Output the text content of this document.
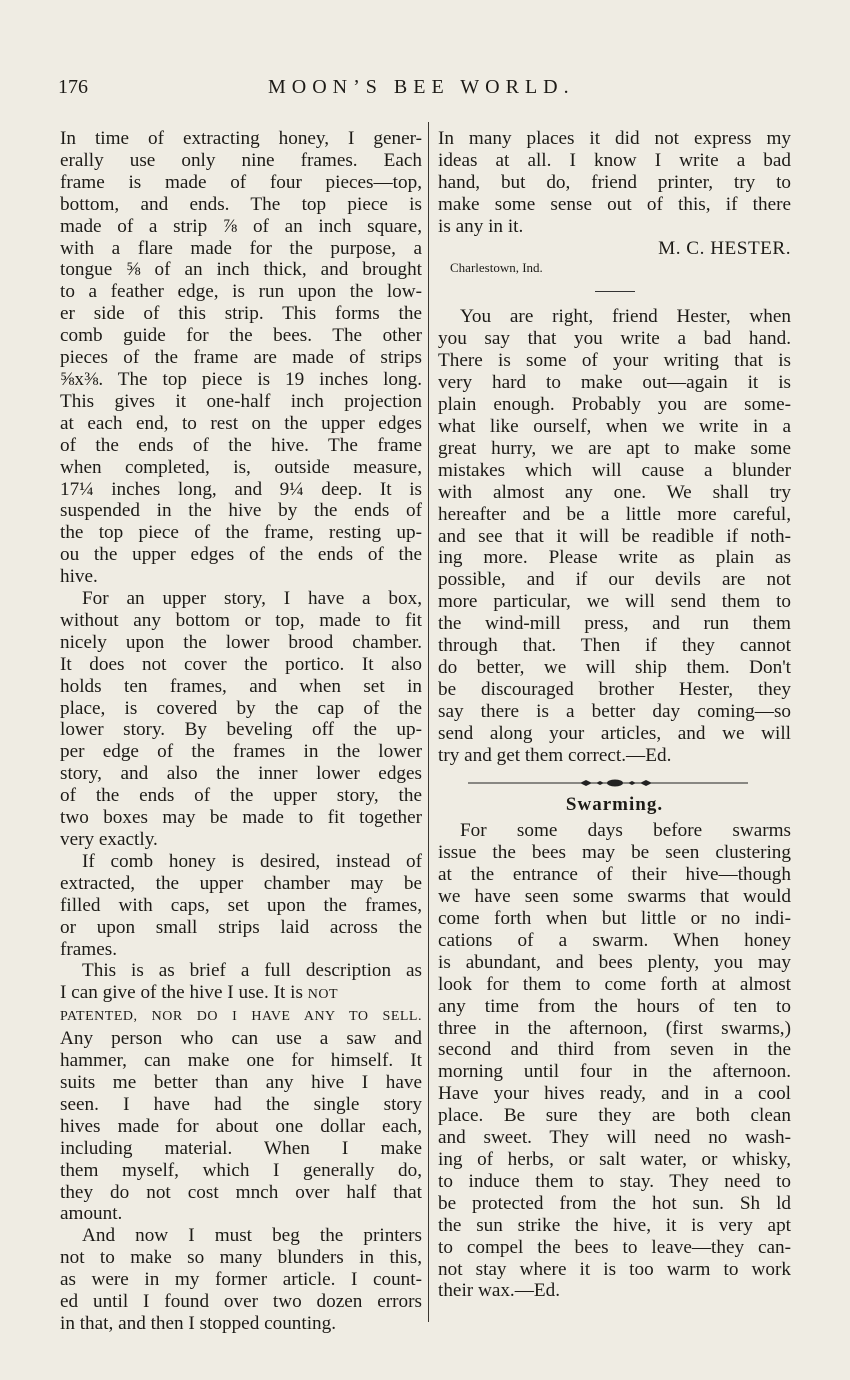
176	MOON’S BEE WORLD.
In time of extracting honey, I gener-
erally use only nine frames. Each
frame is made of four pieces—top,
bottom, and ends. The top piece is
made of a strip ⅞ of an inch square,
with a flare made for the purpose, a
tongue ⅝ of an inch thick, and brought
to a feather edge, is run upon the low-
er side of this strip. This forms the
comb guide for the bees. The other
pieces of the frame are made of strips
⅝x⅜. The top piece is 19 inches long.
This gives it one-half inch projection
at each end, to rest on the upper edges
of the ends of the hive. The frame
when completed, is, outside measure,
17¼ inches long, and 9¼ deep. It is
suspended in the hive by the ends of
the top piece of the frame, resting up-
ou the upper edges of the ends of the
hive.
For an upper story, I have a box,
without any bottom or top, made to fit
nicely upon the lower brood chamber.
It does not cover the portico. It also
holds ten frames, and when set in
place, is covered by the cap of the
lower story. By beveling off the up-
per edge of the frames in the lower
story, and also the inner lower edges
of the ends of the upper story, the
two boxes may be made to fit together
very exactly.
If comb honey is desired, instead of
extracted, the upper chamber may be
filled with caps, set upon the frames,
or upon small strips laid across the
frames.
This is as brief a full description as
I can give of the hive I use. It is NOT
PATENTED, NOR DO I HAVE ANY TO SELL.
Any person who can use a saw and
hammer, can make one for himself. It
suits me better than any hive I have
seen. I have had the single story
hives made for about one dollar each,
including material. When I make
them myself, which I generally do,
they do not cost mnch over half that
amount.
And now I must beg the printers
not to make so many blunders in this,
as were in my former article. I count-
ed until I found over two dozen errors
in that, and then I stopped counting.
In many places it did not express my
ideas at all. I know I write a bad
hand, but do, friend printer, try to
make some sense out of this, if there
is any in it.
M. C. HESTER.
Charlestown, Ind.
You are right, friend Hester, when
you say that you write a bad hand.
There is some of your writing that is
very hard to make out—again it is
plain enough. Probably you are some-
what like ourself, when we write in a
great hurry, we are apt to make some
mistakes which will cause a blunder
with almost any one. We shall try
hereafter and be a little more careful,
and see that it will be readible if noth-
ing more. Please write as plain as
possible, and if our devils are not
more particular, we will send them to
the wind-mill press, and run them
through that. Then if they cannot
do better, we will ship them. Don't
be discouraged brother Hester, they
say there is a better day coming—so
send along your articles, and we will
try and get them correct.—Ed.
Swarming.
For some days before swarms
issue the bees may be seen clustering
at the entrance of their hive—though
we have seen some swarms that would
come forth when but little or no indi-
cations of a swarm. When honey
is abundant, and bees plenty, you may
look for them to come forth at almost
any time from the hours of ten to
three in the afternoon, (first swarms,)
second and third from seven in the
morning until four in the afternoon.
Have your hives ready, and in a cool
place. Be sure they are both clean
and sweet. They will need no wash-
ing of herbs, or salt water, or whisky,
to induce them to stay. They need to
be protected from the hot sun. Sh ld
the sun strike the hive, it is very apt
to compel the bees to leave—they can-
not stay where it is too warm to work
their wax.—Ed.
